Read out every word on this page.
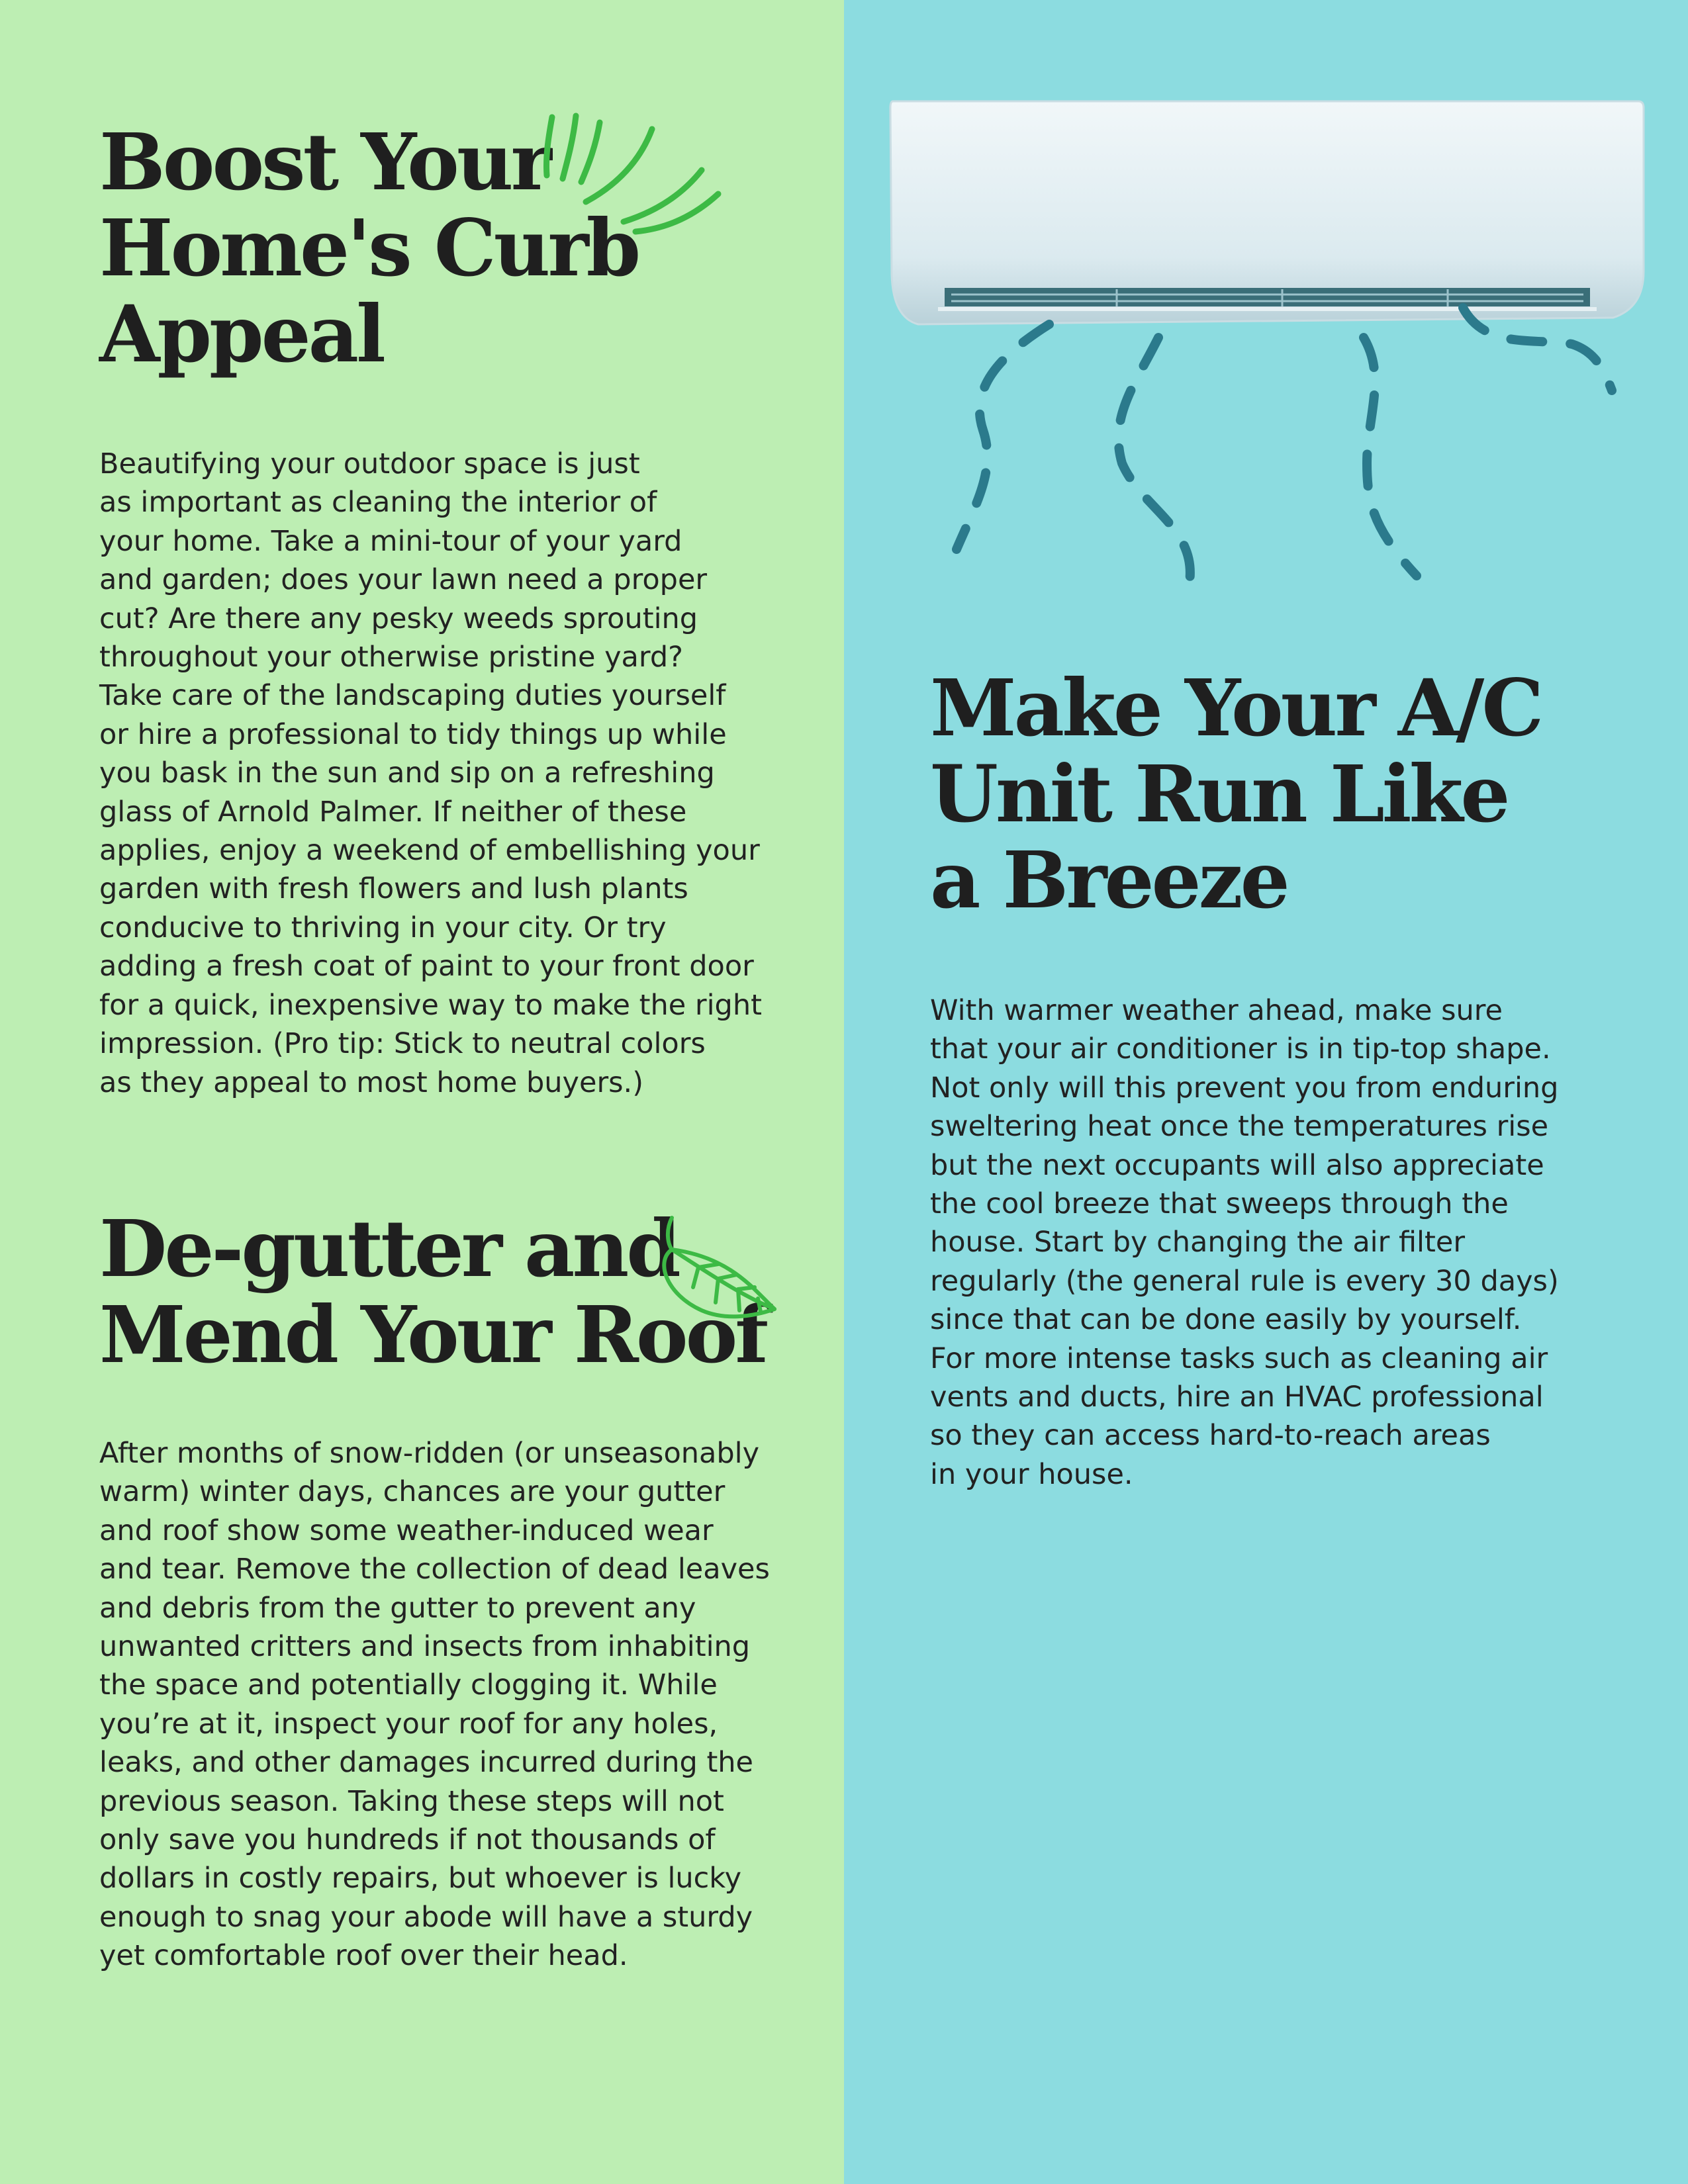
Boost Your
Home's Curb
Appeal

Beautifying your outdoor space is just
as important as cleaning the interior of
your home. Take a mini-tour of your yard
and garden; does your lawn need a proper
cut? Are there any pesky weeds sprouting
throughout your otherwise pristine yard?
Take care of the landscaping duties yourself
or hire a professional to tidy things up while
you bask in the sun and sip on a refreshing
glass of Arnold Palmer. If neither of these
applies, enjoy a weekend of embellishing your
garden with fresh flowers and lush plants
conducive to thriving in your city. Or try
adding a fresh coat of paint to your front door
for a quick, inexpensive way to make the right
impression. (Pro tip: Stick to neutral colors
as they appeal to most home buyers.)

De-gutter and
Mend Your Roof

After months of snow-ridden (or unseasonably
warm) winter days, chances are your gutter
and roof show some weather-induced wear
and tear. Remove the collection of dead leaves
and debris from the gutter to prevent any
unwanted critters and insects from inhabiting
the space and potentially clogging it. While
you’re at it, inspect your roof for any holes,
leaks, and other damages incurred during the
previous season. Taking these steps will not
only save you hundreds if not thousands of
dollars in costly repairs, but whoever is lucky
enough to snag your abode will have a sturdy
yet comfortable roof over their head.

Make Your A/C
Unit Run Like
a Breeze

With warmer weather ahead, make sure
that your air conditioner is in tip-top shape.
Not only will this prevent you from enduring
sweltering heat once the temperatures rise
but the next occupants will also appreciate
the cool breeze that sweeps through the
house. Start by changing the air filter
regularly (the general rule is every 30 days)
since that can be done easily by yourself.
For more intense tasks such as cleaning air
vents and ducts, hire an HVAC professional
so they can access hard-to-reach areas
in your house.
